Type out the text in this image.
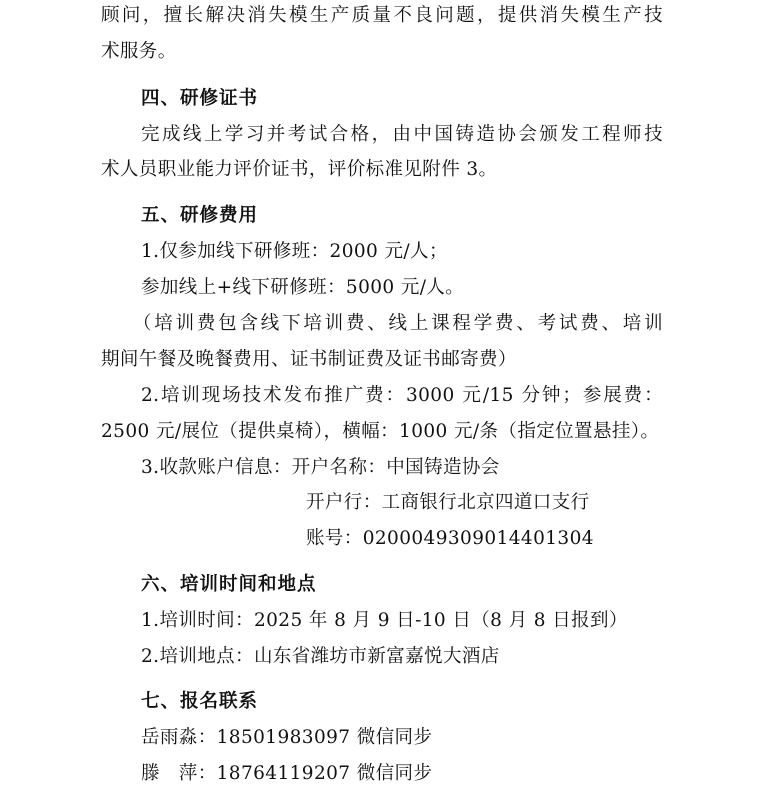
顾问，擅长解决消失模生产质量不良问题，提供消失模生产技
术服务。
四、研修证书
完成线上学习并考试合格，由中国铸造协会颁发工程师技
术人员职业能力评价证书，评价标准见附件 3。
五、研修费用
1.仅参加线下研修班：2000 元/人；
参加线上+线下研修班：5000 元/人。
（培训费包含线下培训费、线上课程学费、考试费、培训
期间午餐及晚餐费用、证书制证费及证书邮寄费）
2.培训现场技术发布推广费：3000 元/15 分钟；参展费：
2500 元/展位（提供桌椅），横幅：1000 元/条（指定位置悬挂）。
3.收款账户信息：开户名称：中国铸造协会
开户行：工商银行北京四道口支行
账号：0200049309014401304
六、培训时间和地点
1.培训时间：2025 年 8 月 9 日-10 日（8 月 8 日报到）
2.培训地点：山东省潍坊市新富嘉悦大酒店
七、报名联系
岳雨淼：18501983097 微信同步
滕　萍：18764119207 微信同步
